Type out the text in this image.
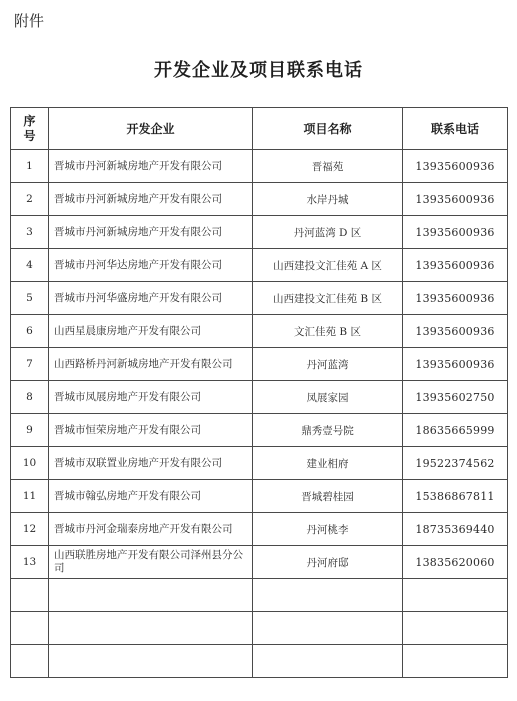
附件
开发企业及项目联系电话
序
号	开发企业	项目名称	联系电话
1	晋城市丹河新城房地产开发有限公司	晋福苑	13935600936
2	晋城市丹河新城房地产开发有限公司	水岸丹城	13935600936
3	晋城市丹河新城房地产开发有限公司	丹河蓝湾 D 区	13935600936
4	晋城市丹河华达房地产开发有限公司	山西建投文汇佳苑 A 区	13935600936
5	晋城市丹河华盛房地产开发有限公司	山西建投文汇佳苑 B 区	13935600936
6	山西星晨康房地产开发有限公司	文汇佳苑 B 区	13935600936
7	山西路桥丹河新城房地产开发有限公司	丹河蓝湾	13935600936
8	晋城市凤展房地产开发有限公司	凤展家园	13935602750
9	晋城市恒荣房地产开发有限公司	鼎秀壹号院	18635665999
10	晋城市双联置业房地产开发有限公司	建业相府	19522374562
11	晋城市翰弘房地产开发有限公司	晋城碧桂园	15386867811
12	晋城市丹河金瑞泰房地产开发有限公司	丹河桃李	18735369440
13	山西联胜房地产开发有限公司泽州县分公司	丹河府邸	13835620060
